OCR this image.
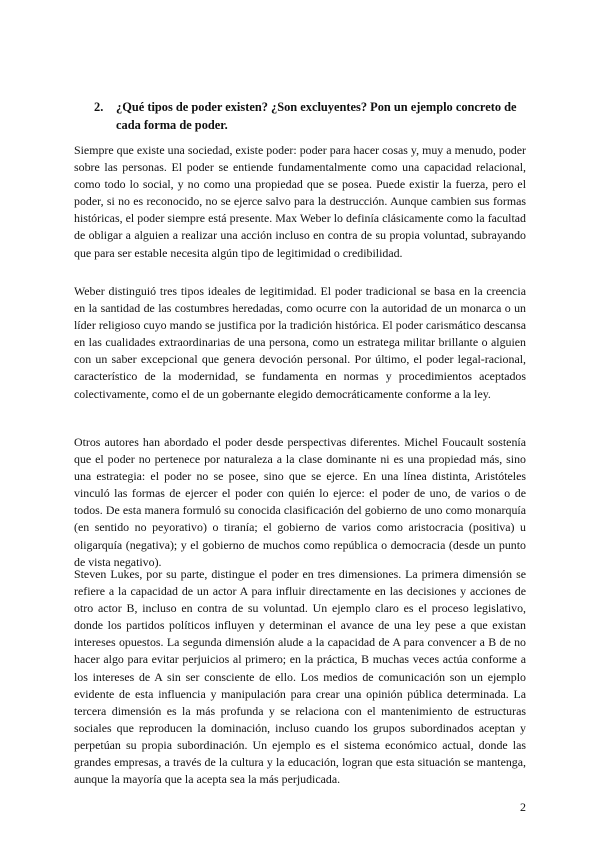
2. ¿Qué tipos de poder existen? ¿Son excluyentes? Pon un ejemplo concreto de cada forma de poder.

Siempre que existe una sociedad, existe poder: poder para hacer cosas y, muy a menudo, poder sobre las personas. El poder se entiende fundamentalmente como una capacidad relacional, como todo lo social, y no como una propiedad que se posea. Puede existir la fuerza, pero el poder, si no es reconocido, no se ejerce salvo para la destrucción. Aunque cambien sus formas históricas, el poder siempre está presente. Max Weber lo definía clásicamente como la facultad de obligar a alguien a realizar una acción incluso en contra de su propia voluntad, subrayando que para ser estable necesita algún tipo de legitimidad o credibilidad.

Weber distinguió tres tipos ideales de legitimidad. El poder tradicional se basa en la creencia en la santidad de las costumbres heredadas, como ocurre con la autoridad de un monarca o un líder religioso cuyo mando se justifica por la tradición histórica. El poder carismático descansa en las cualidades extraordinarias de una persona, como un estratega militar brillante o alguien con un saber excepcional que genera devoción personal. Por último, el poder legal-racional, característico de la modernidad, se fundamenta en normas y procedimientos aceptados colectivamente, como el de un gobernante elegido democráticamente conforme a la ley.

Otros autores han abordado el poder desde perspectivas diferentes. Michel Foucault sostenía que el poder no pertenece por naturaleza a la clase dominante ni es una propiedad más, sino una estrategia: el poder no se posee, sino que se ejerce. En una línea distinta, Aristóteles vinculó las formas de ejercer el poder con quién lo ejerce: el poder de uno, de varios o de todos. De esta manera formuló su conocida clasificación del gobierno de uno como monarquía (en sentido no peyorativo) o tiranía; el gobierno de varios como aristocracia (positiva) u oligarquía (negativa); y el gobierno de muchos como república o democracia (desde un punto de vista negativo).

Steven Lukes, por su parte, distingue el poder en tres dimensiones. La primera dimensión se refiere a la capacidad de un actor A para influir directamente en las decisiones y acciones de otro actor B, incluso en contra de su voluntad. Un ejemplo claro es el proceso legislativo, donde los partidos políticos influyen y determinan el avance de una ley pese a que existan intereses opuestos. La segunda dimensión alude a la capacidad de A para convencer a B de no hacer algo para evitar perjuicios al primero; en la práctica, B muchas veces actúa conforme a los intereses de A sin ser consciente de ello. Los medios de comunicación son un ejemplo evidente de esta influencia y manipulación para crear una opinión pública determinada. La tercera dimensión es la más profunda y se relaciona con el mantenimiento de estructuras sociales que reproducen la dominación, incluso cuando los grupos subordinados aceptan y perpetúan su propia subordinación. Un ejemplo es el sistema económico actual, donde las grandes empresas, a través de la cultura y la educación, logran que esta situación se mantenga, aunque la mayoría que la acepta sea la más perjudicada.

2
